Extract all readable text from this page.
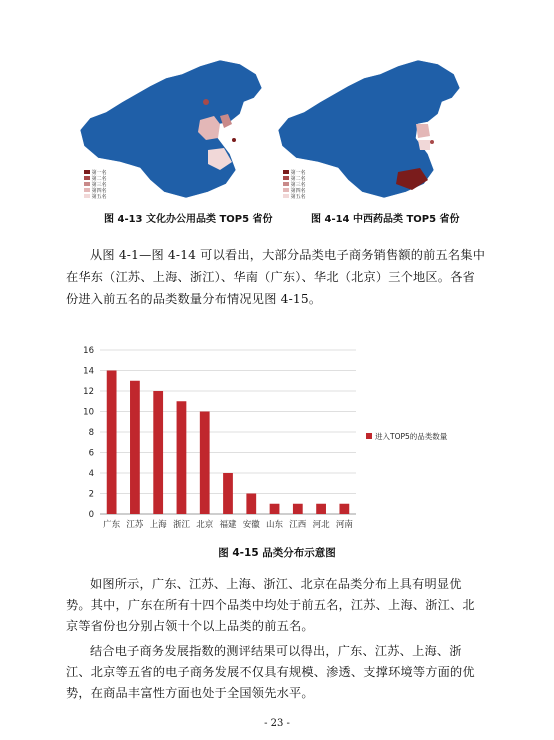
第一名
第二名
第三名
第四名
第五名
图 4-13 文化办公用品类 TOP5 省份
第一名
第二名
第三名
第四名
第五名
图 4-14 中西药品类 TOP5 省份
从图 4-1—图 4-14 可以看出，大部分品类电子商务销售额的前五名集中在华东（江苏、上海、浙江）、华南（广东）、华北（北京）三个地区。各省份进入前五名的品类数量分布情况见图 4-15。
0
2
4
6
8
10
12
14
16
广东 江苏 上海 浙江 北京 福建 安徽 山东 江西 河北 河南
进入TOP5的品类数量
图 4-15 品类分布示意图
如图所示，广东、江苏、上海、浙江、北京在品类分布上具有明显优势。其中，广东在所有十四个品类中均处于前五名，江苏、上海、浙江、北京等省份也分别占领十个以上品类的前五名。
结合电子商务发展指数的测评结果可以得出，广东、江苏、上海、浙江、北京等五省的电子商务发展不仅具有规模、渗透、支撑环境等方面的优势，在商品丰富性方面也处于全国领先水平。
- 23 -
